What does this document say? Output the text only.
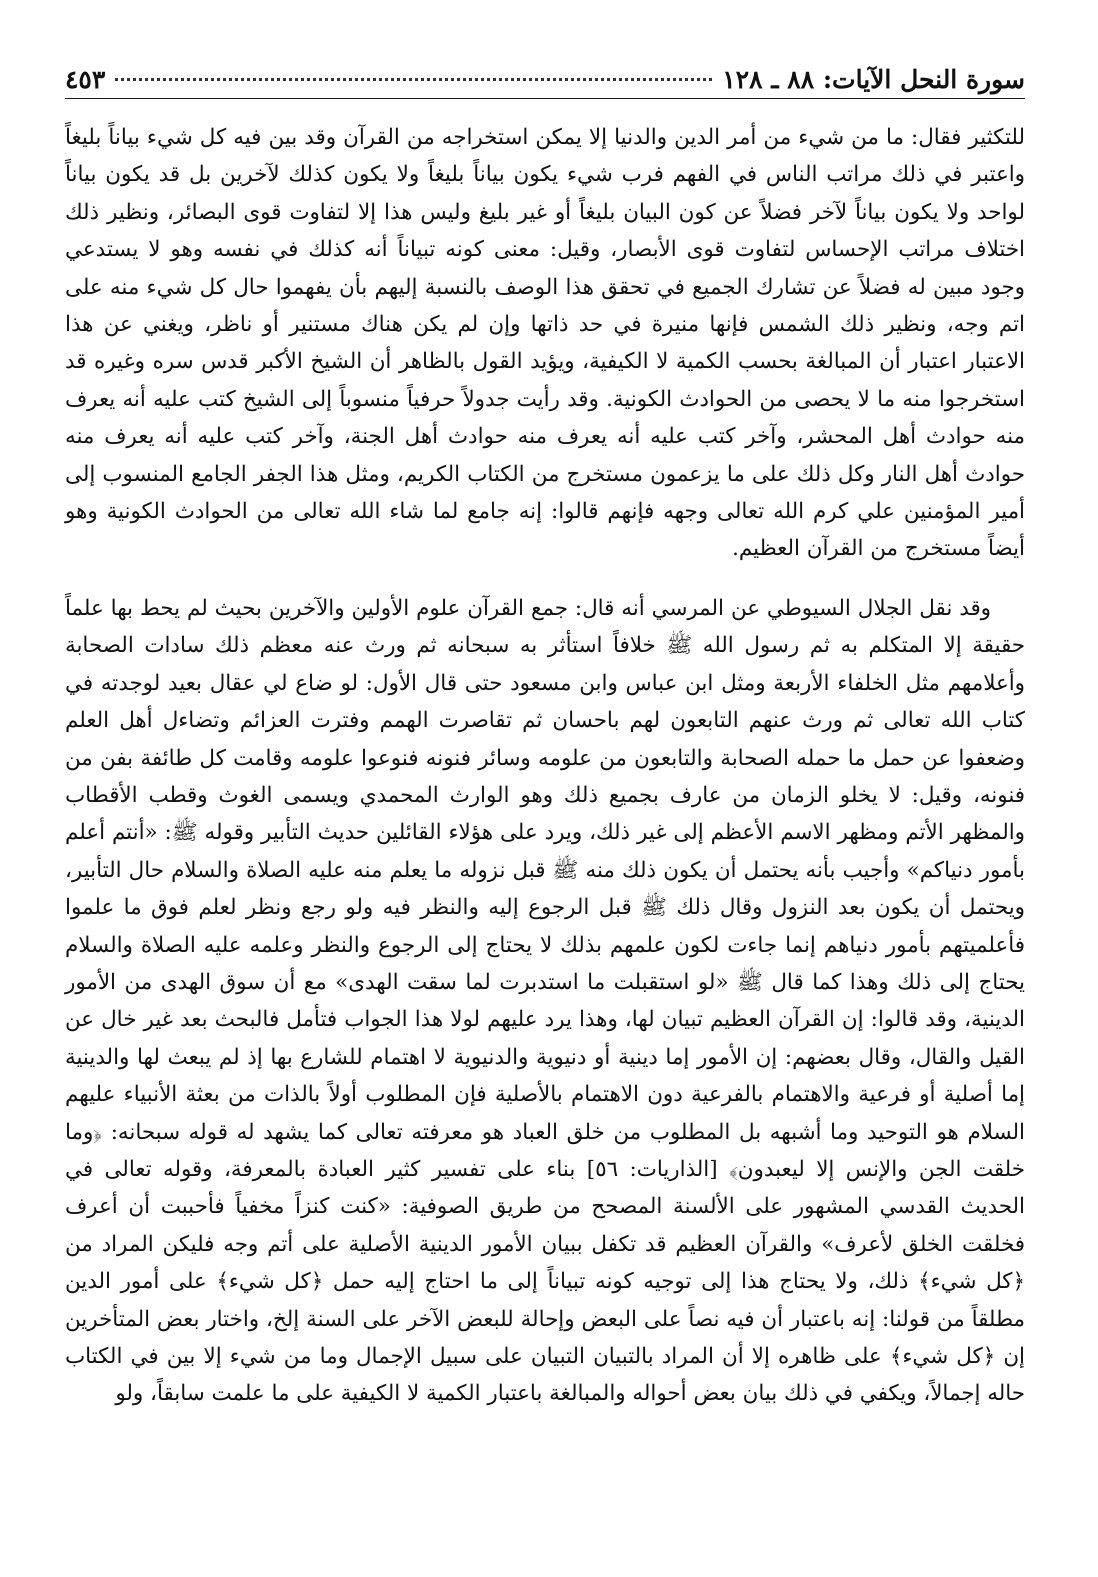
سورة النحل الآيات: ٨٨ ـ ١٢٨
٤٥٣

للتكثير فقال: ما من شيء من أمر الدين والدنيا إلا يمكن استخراجه من القرآن وقد بين فيه كل شيء بياناً بليغاً واعتبر في ذلك مراتب الناس في الفهم فرب شيء يكون بياناً بليغاً ولا يكون كذلك لآخرين بل قد يكون بياناً لواحد ولا يكون بياناً لآخر فضلاً عن كون البيان بليغاً أو غير بليغ وليس هذا إلا لتفاوت قوى البصائر، ونظير ذلك اختلاف مراتب الإحساس لتفاوت قوى الأبصار، وقيل: معنى كونه تبياناً أنه كذلك في نفسه وهو لا يستدعي وجود مبين له فضلاً عن تشارك الجميع في تحقق هذا الوصف بالنسبة إليهم بأن يفهموا حال كل شيء منه على اتم وجه، ونظير ذلك الشمس فإنها منيرة في حد ذاتها وإن لم يكن هناك مستنير أو ناظر، ويغني عن هذا الاعتبار اعتبار أن المبالغة بحسب الكمية لا الكيفية، ويؤيد القول بالظاهر أن الشيخ الأكبر قدس سره وغيره قد استخرجوا منه ما لا يحصى من الحوادث الكونية. وقد رأيت جدولاً حرفياً منسوباً إلى الشيخ كتب عليه أنه يعرف منه حوادث أهل المحشر، وآخر كتب عليه أنه يعرف منه حوادث أهل الجنة، وآخر كتب عليه أنه يعرف منه حوادث أهل النار وكل ذلك على ما يزعمون مستخرج من الكتاب الكريم، ومثل هذا الجفر الجامع المنسوب إلى أمير المؤمنين علي كرم الله تعالى وجهه فإنهم قالوا: إنه جامع لما شاء الله تعالى من الحوادث الكونية وهو أيضاً مستخرج من القرآن العظيم.

وقد نقل الجلال السيوطي عن المرسي أنه قال: جمع القرآن علوم الأولين والآخرين بحيث لم يحط بها علماً حقيقة إلا المتكلم به ثم رسول الله ﷺ خلافاً استأثر به سبحانه ثم ورث عنه معظم ذلك سادات الصحابة وأعلامهم مثل الخلفاء الأربعة ومثل ابن عباس وابن مسعود حتى قال الأول: لو ضاع لي عقال بعيد لوجدته في كتاب الله تعالى ثم ورث عنهم التابعون لهم باحسان ثم تقاصرت الهمم وفترت العزائم وتضاءل أهل العلم وضعفوا عن حمل ما حمله الصحابة والتابعون من علومه وسائر فنونه فنوعوا علومه وقامت كل طائفة بفن من فنونه، وقيل: لا يخلو الزمان من عارف بجميع ذلك وهو الوارث المحمدي ويسمى الغوث وقطب الأقطاب والمظهر الأتم ومظهر الاسم الأعظم إلى غير ذلك، ويرد على هؤلاء القائلين حديث التأبير وقوله ﷺ: «أنتم أعلم بأمور دنياكم» وأجيب بأنه يحتمل أن يكون ذلك منه ﷺ قبل نزوله ما يعلم منه عليه الصلاة والسلام حال التأبير، ويحتمل أن يكون بعد النزول وقال ذلك ﷺ قبل الرجوع إليه والنظر فيه ولو رجع ونظر لعلم فوق ما علموا فأعلميتهم بأمور دنياهم إنما جاءت لكون علمهم بذلك لا يحتاج إلى الرجوع والنظر وعلمه عليه الصلاة والسلام يحتاج إلى ذلك وهذا كما قال ﷺ «لو استقبلت ما استدبرت لما سقت الهدى» مع أن سوق الهدى من الأمور الدينية، وقد قالوا: إن القرآن العظيم تبيان لها، وهذا يرد عليهم لولا هذا الجواب فتأمل فالبحث بعد غير خال عن القيل والقال، وقال بعضهم: إن الأمور إما دينية أو دنيوية والدنيوية لا اهتمام للشارع بها إذ لم يبعث لها والدينية إما أصلية أو فرعية والاهتمام بالفرعية دون الاهتمام بالأصلية فإن المطلوب أولاً بالذات من بعثة الأنبياء عليهم السلام هو التوحيد وما أشبهه بل المطلوب من خلق العباد هو معرفته تعالى كما يشهد له قوله سبحانه: ﴿وما خلقت الجن والإنس إلا ليعبدون﴾ [الذاريات: ٥٦] بناء على تفسير كثير العبادة بالمعرفة، وقوله تعالى في الحديث القدسي المشهور على الألسنة المصحح من طريق الصوفية: «كنت كنزاً مخفياً فأحببت أن أعرف فخلقت الخلق لأعرف» والقرآن العظيم قد تكفل ببيان الأمور الدينية الأصلية على أتم وجه فليكن المراد من ﴿كل شيء﴾ ذلك، ولا يحتاج هذا إلى توجيه كونه تبياناً إلى ما احتاج إليه حمل ﴿كل شيء﴾ على أمور الدين مطلقاً من قولنا: إنه باعتبار أن فيه نصاً على البعض وإحالة للبعض الآخر على السنة إلخ، واختار بعض المتأخرين إن ﴿كل شيء﴾ على ظاهره إلا أن المراد بالتبيان التبيان على سبيل الإجمال وما من شيء إلا بين في الكتاب حاله إجمالاً، ويكفي في ذلك بيان بعض أحواله والمبالغة باعتبار الكمية لا الكيفية على ما علمت سابقاً، ولو
